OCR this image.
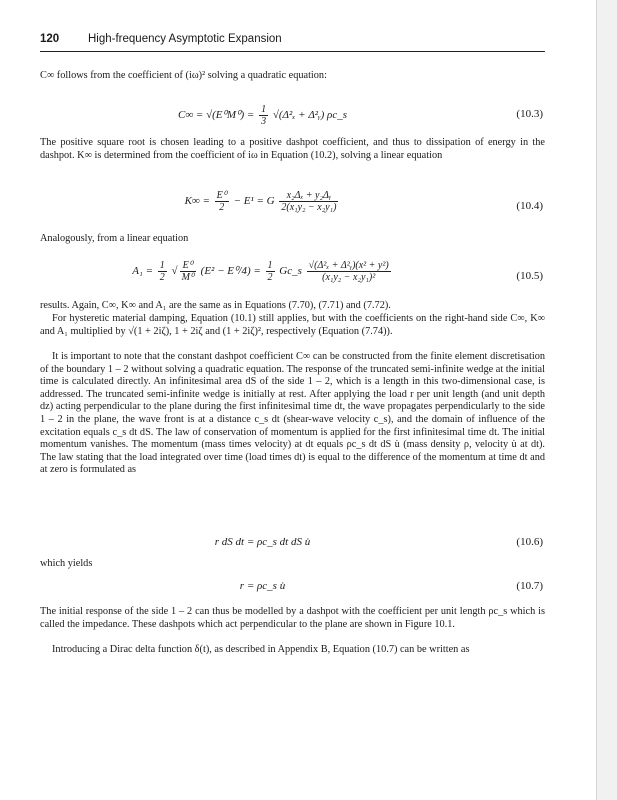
120	High-frequency Asymptotic Expansion

C∞ follows from the coefficient of (iω)² solving a quadratic equation:

$C\infty = √(E^0M^0) = \frac{1}{3} √(\Delta^2_x$ + Δ²ᵧ) ρc_s	(10.3)

The positive square root is chosen leading to a positive dashpot coefficient, and thus to dissipation of energy in the dashpot. K∞ is determined from the coefficient of iω in Equation (10.2), solving a linear equation

$K\infty = \frac{\text{E⁰}}{2} - E^1 = G \frac{\text{x₂Δₓ + y₂Δᵧ}}{\text{2(x₁y₂ − x₂y₁)}}$	(10.4)

Analogously, from a linear equation

$A_1 = \frac{1}{2}$ √ $\frac{\text{E⁰}}{\text{M⁰}} (E^2 - E^0/4) = \frac{1}{2}$ Gc_s $\frac{\text{√(Δ²ₓ + Δ²ᵧ)(x² + y²)}}{\text{(x₁y₂ − x₂y₁)²}}$	(10.5)

results. Again, C∞, K∞ and A₁ are the same as in Equations (7.70), (7.71) and (7.72).

For hysteretic material damping, Equation (10.1) still applies, but with the coefficients on the right-hand side C∞, K∞ and A₁ multiplied by √(1 + 2iζ), 1 + 2iζ and (1 + 2iζ)², respectively (Equation (7.74)).

It is important to note that the constant dashpot coefficient C∞ can be constructed from the finite element discretisation of the boundary 1 – 2 without solving a quadratic equation. The response of the truncated semi-infinite wedge at the initial time is calculated directly. An infinitesimal area dS of the side 1 – 2, which is a length in this two-dimensional case, is addressed. The truncated semi-infinite wedge is initially at rest. After applying the load r per unit length (and unit depth dz) acting perpendicular to the plane during the first infinitesimal time dt, the wave propagates perpendicularly to the side 1 – 2 in the plane, the wave front is at a distance c_s dt (shear-wave velocity c_s), and the domain of influence of the excitation equals c_s dt dS. The law of conservation of momentum is applied for the first infinitesimal time dt. The initial momentum vanishes. The momentum (mass times velocity) at dt equals ρc_s dt dS u̇ (mass density ρ, velocity u̇ at dt). The law stating that the load integrated over time (load times dt) is equal to the difference of the momentum at time dt and at zero is formulated as

r dS dt = ρc_s dt dS u̇	(10.6)

which yields

r = ρc_s u̇	(10.7)

The initial response of the side 1 – 2 can thus be modelled by a dashpot with the coefficient per unit length ρc_s which is called the impedance. These dashpots which act perpendicular to the plane are shown in Figure 10.1.

Introducing a Dirac delta function δ(t), as described in Appendix B, Equation (10.7) can be written as
